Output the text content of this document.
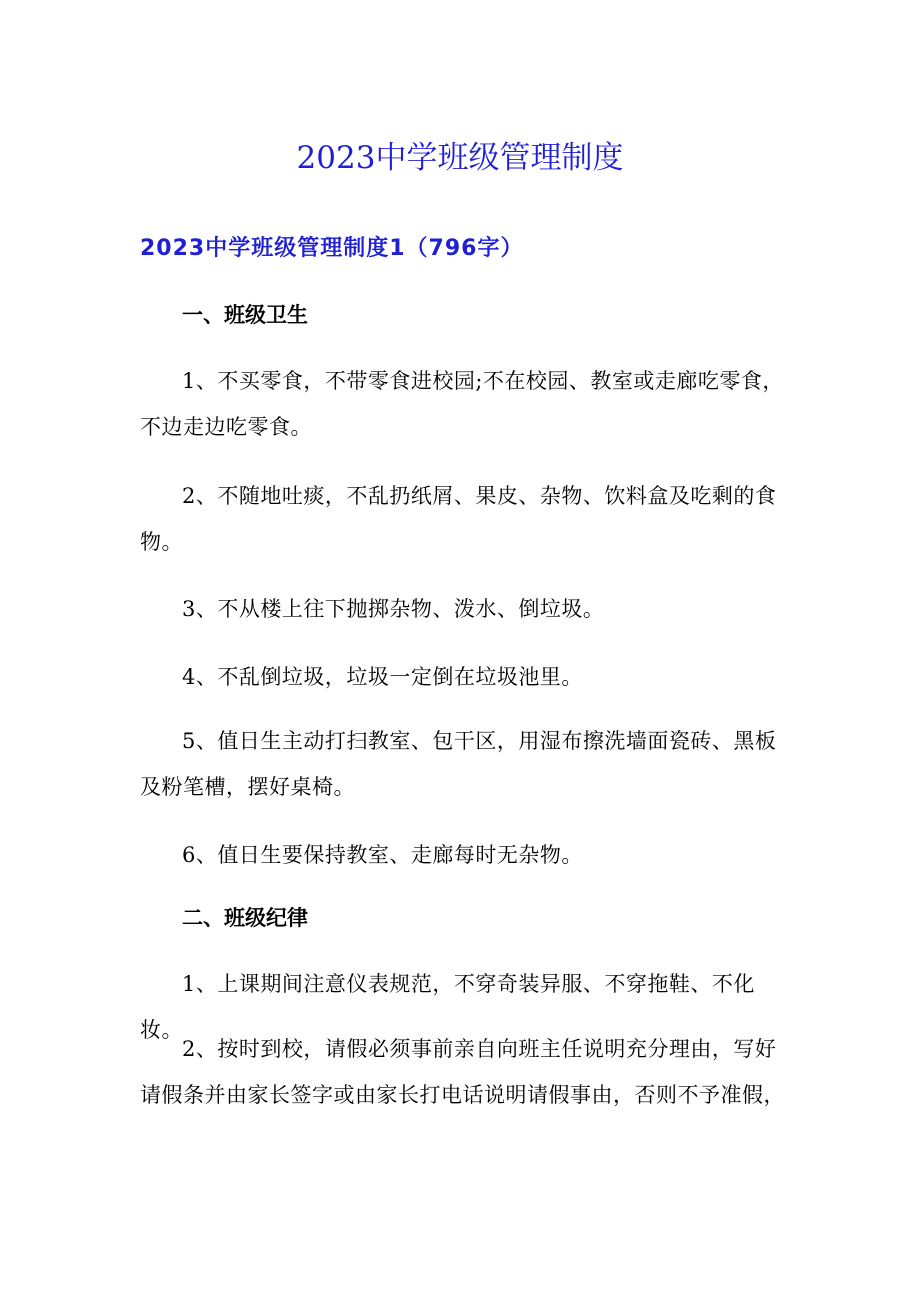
2023中学班级管理制度
2023中学班级管理制度1（796字）
一、班级卫生

1、不买零食，不带零食进校园;不在校园、教室或走廊吃零食，不边走边吃零食。

2、不随地吐痰，不乱扔纸屑、果皮、杂物、饮料盒及吃剩的食物。

3、不从楼上往下抛掷杂物、泼水、倒垃圾。

4、不乱倒垃圾，垃圾一定倒在垃圾池里。

5、值日生主动打扫教室、包干区，用湿布擦洗墙面瓷砖、黑板及粉笔槽，摆好桌椅。

6、值日生要保持教室、走廊每时无杂物。

二、班级纪律

1、上课期间注意仪表规范，不穿奇装异服、不穿拖鞋、不化妆。

2、按时到校，请假必须事前亲自向班主任说明充分理由，写好请假条并由家长签字或由家长打电话说明请假事由，否则不予准假，
